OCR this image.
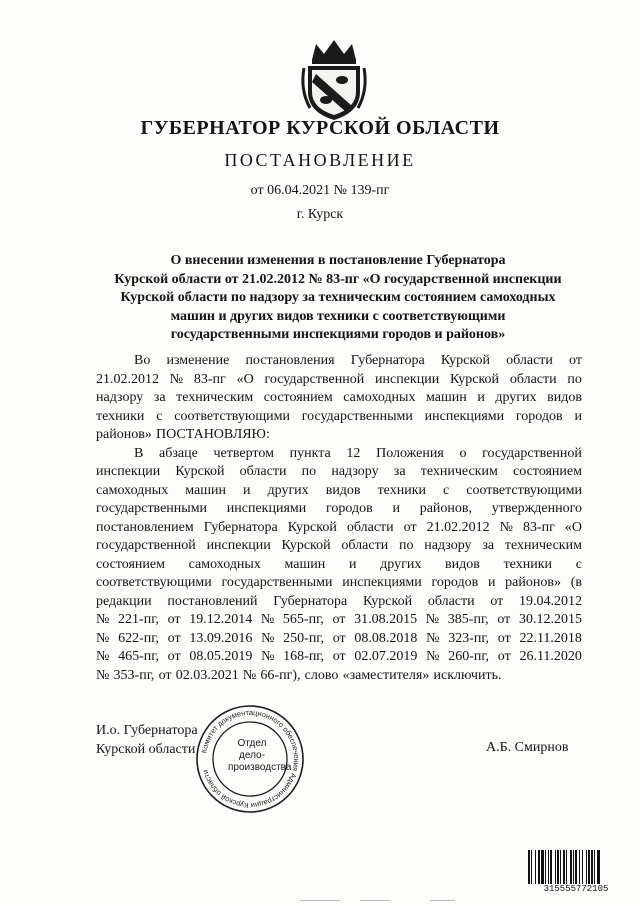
ГУБЕРНАТОР КУРСКОЙ ОБЛАСТИ
ПОСТАНОВЛЕНИЕ
от 06.04.2021 № 139-пг
г. Курск
О внесении изменения в постановление Губернатора
Курской области от 21.02.2012 № 83-пг «О государственной инспекции
Курской области по надзору за техническим состоянием самоходных
машин и других видов техники с соответствующими
государственными инспекциями городов и районов»
Во изменение постановления Губернатора Курской области от
21.02.2012 № 83-пг «О государственной инспекции Курской области по
надзору за техническим состоянием самоходных машин и других видов
техники с соответствующими государственными инспекциями городов и
районов» ПОСТАНОВЛЯЮ:
В абзаце четвертом пункта 12 Положения о государственной
инспекции Курской области по надзору за техническим состоянием
самоходных машин и других видов техники с соответствующими
государственными инспекциями городов и районов, утвержденного
постановлением Губернатора Курской области от 21.02.2012 № 83-пг «О
государственной инспекции Курской области по надзору за техническим
состоянием самоходных машин и других видов техники с
соответствующими государственными инспекциями городов и районов» (в
редакции постановлений Губернатора Курской области от 19.04.2012
№ 221-пг, от 19.12.2014 № 565-пг, от 31.08.2015 № 385-пг, от 30.12.2015
№ 622-пг, от 13.09.2016 № 250-пг, от 08.08.2018 № 323-пг, от 22.11.2018
№ 465-пг, от 08.05.2019 № 168-пг, от 02.07.2019 № 260-пг, от 26.11.2020
№ 353-пг, от 02.03.2021 № 66-пг), слово «заместителя» исключить.
И.о. Губернатора
Курской области	А.Б. Смирнов
Комитет документационного обеспечения Администрации Курской области
Отдел
дело-
производства
315555772105
